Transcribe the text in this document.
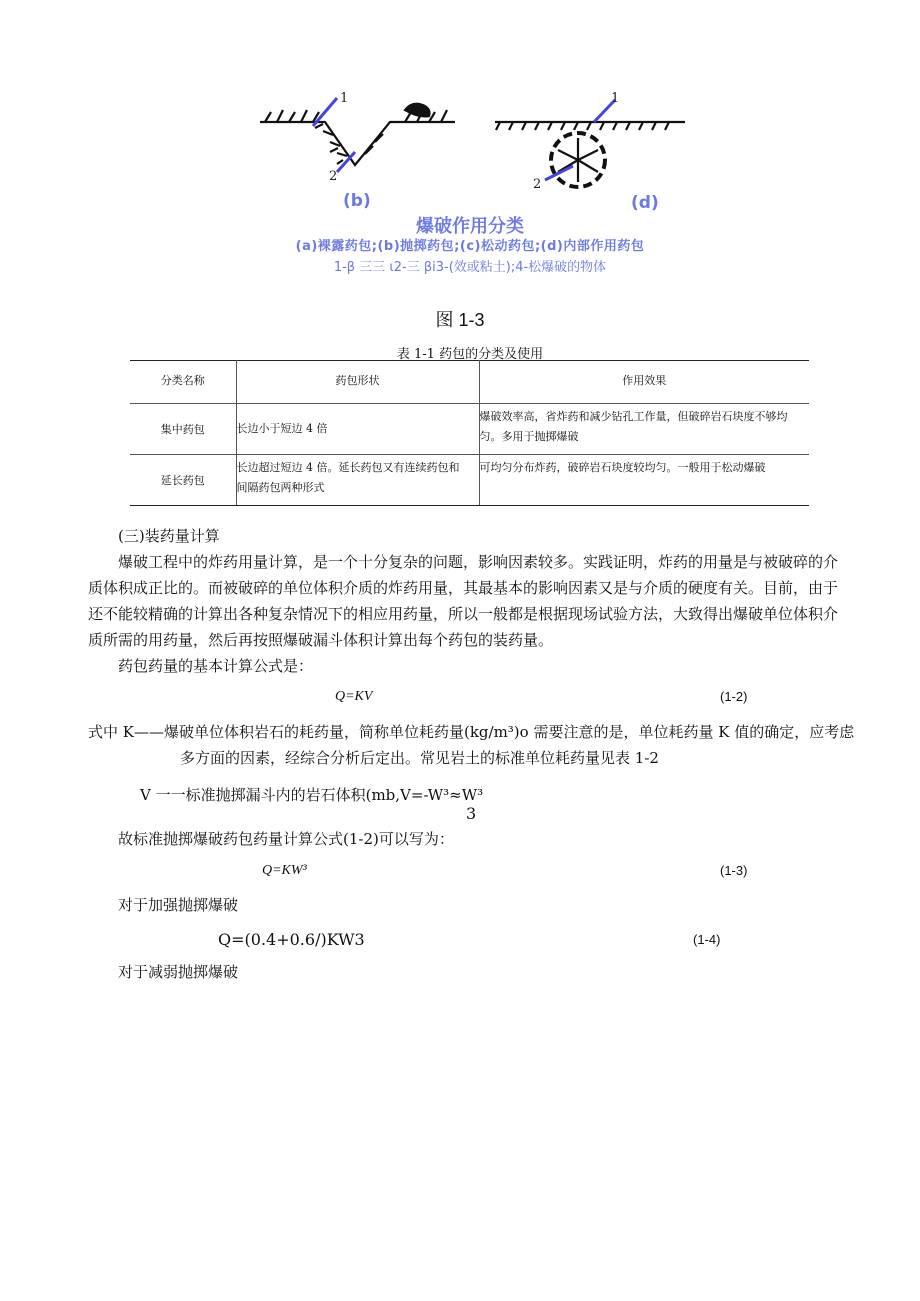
1
2
(b)
1
2
(d)
爆破作用分类
(a)裸露药包;(b)抛掷药包;(c)松动药包;(d)内部作用药包
1-β 三三 ι2-三 βi3-(效或粘土);4-松爆破的物体
图 1-3
表 1-1 药包的分类及使用
分类名称	药包形状	作用效果
集中药包	长边小于短边 4 倍	爆破效率高，省炸药和减少钻孔工作量，但破碎岩石块度不够均
匀。多用于抛掷爆破

延长药包	长边超过短边 4 倍。延长药包又有连续药包和
间隔药包两种形式	可均匀分布炸药，破碎岩石块度较均匀。一般用于松动爆破
(三)装药量计算
爆破工程中的炸药用量计算，是一个十分复杂的问题，影响因素较多。实践证明，炸药的用量是与被破碎的介
质体积成正比的。而被破碎的单位体积介质的炸药用量，其最基本的影响因素又是与介质的硬度有关。目前，由于
还不能较精确的计算出各种复杂情况下的相应用药量，所以一般都是根据现场试验方法，大致得出爆破单位体积介
质所需的用药量，然后再按照爆破漏斗体积计算出每个药包的装药量。
药包药量的基本计算公式是：
Q=KV	(1-2)
式中 K——爆破单位体积岩石的耗药量，简称单位耗药量(kg∕m³)o 需要注意的是，单位耗药量 K 值的确定，应考虑
多方面的因素，经综合分析后定出。常见岩土的标准单位耗药量见表 1-2
V 一一标准抛掷漏斗内的岩石体积(mb,V=-W³≈W³
3
故标准抛掷爆破药包药量计算公式(1-2)可以写为：
Q=KW³	(1-3)
对于加强抛掷爆破
Q=(0.4+0.6∕)KW3	(1-4)
对于减弱抛掷爆破
